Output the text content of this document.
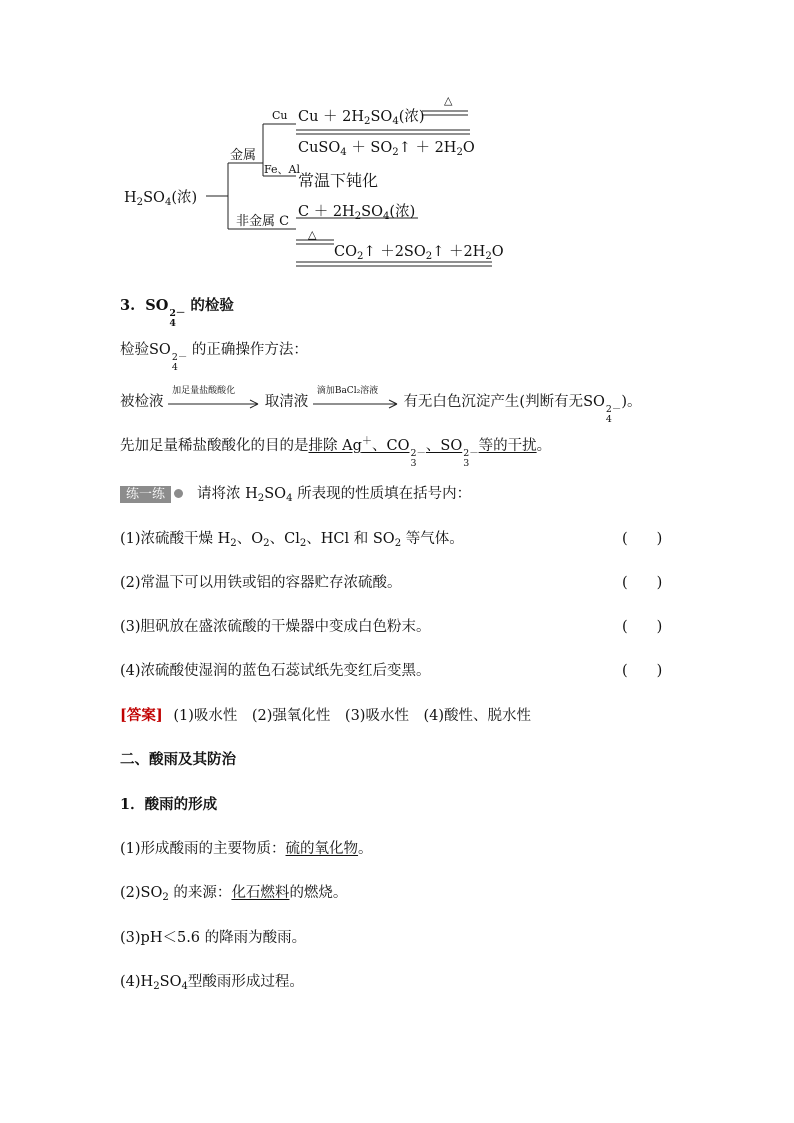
$H_2SO_4$(浓)
金属
Cu
Fe、Al
$Cu + 2H_2SO_4$(浓)
△
CuSO$_4$ ＋ $SO_2↑ + 2H_2O$
常温下钝化
非金属 C
$C + 2H_2SO_4$(浓)
△
$CO_2↑$ $+2SO_2↑ +2H_2O$
3.  SO 2－
4
的检验
检验SO 2－
4
的正确操作方法：
被检液
加足量盐酸酸化
取清液
滴加BaCl₂溶液
有无白色沉淀产生(判断有无SO 2－
4
)。
先加足量稀盐酸酸化的目的是排除 Ag＋、CO 2－
3
、SO 2－
3
等的干扰。
练一练 请将浓 $H_2SO_4$ 所表现的性质填在括号内：
(1)浓硫酸干燥 $H_2$、$O_2$、$Cl_2$、HCl 和 $SO_2$ 等气体。	(　　)
(2)常温下可以用铁或铝的容器贮存浓硫酸。	(　　)
(3)胆矾放在盛浓硫酸的干燥器中变成白色粉末。	(　　)
(4)浓硫酸使湿润的蓝色石蕊试纸先变红后变黑。	(　　)
[答案] (1)吸水性　(2)强氧化性　(3)吸水性　(4)酸性、脱水性
二、酸雨及其防治
1．酸雨的形成
(1)形成酸雨的主要物质：硫的氧化物。
$(2)SO_2$ 的来源：化石燃料的燃烧。
(3)pH＜5.6 的降雨为酸雨。
$(4)H_2SO_4$型酸雨形成过程。
